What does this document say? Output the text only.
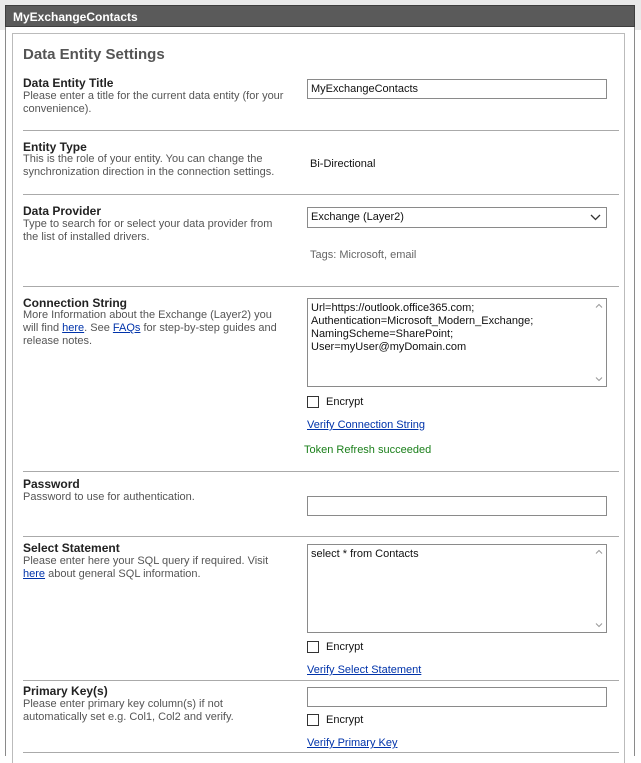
MyExchangeContacts
Data Entity Settings
Data Entity Title
Please enter a title for the current data entity (for your convenience).
MyExchangeContacts
Entity Type
This is the role of your entity. You can change the synchronization direction in the connection settings.
Bi-Directional
Data Provider
Type to search for or select your data provider from the list of installed drivers.
Exchange (Layer2)
Tags: Microsoft, email
Connection String
More Information about the Exchange (Layer2) you will find here. See FAQs for step-by-step guides and release notes.
Url=https://outlook.office365.com;
Authentication=Microsoft_Modern_Exchange;
NamingScheme=SharePoint;
User=myUser@myDomain.com
Encrypt
Verify Connection String
Token Refresh succeeded
Password
Password to use for authentication.
Select Statement
Please enter here your SQL query if required. Visit here about general SQL information.
select * from Contacts
Encrypt
Verify Select Statement
Primary Key(s)
Please enter primary key column(s) if not automatically set e.g. Col1, Col2 and verify.	Encrypt
Verify Primary Key
